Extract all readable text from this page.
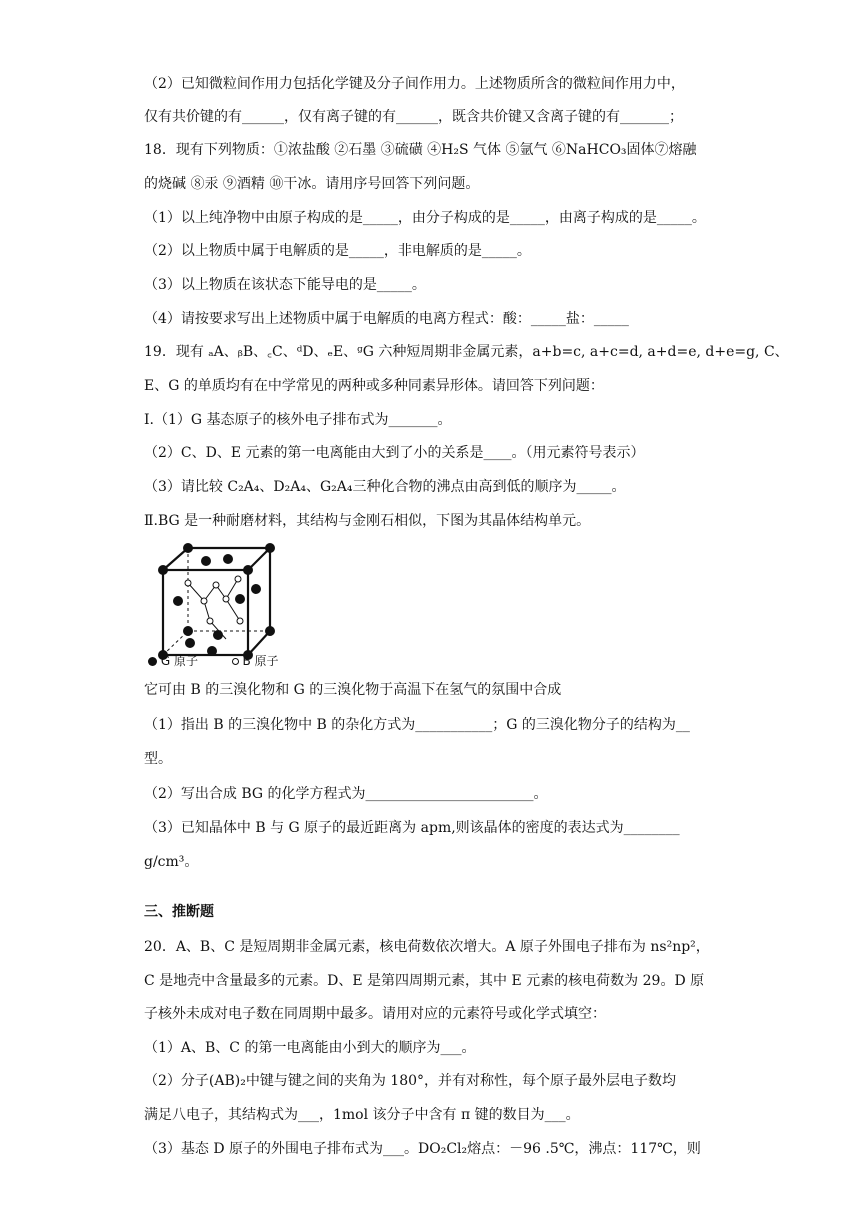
（2）已知微粒间作用力包括化学键及分子间作用力。上述物质所含的微粒间作用力中，
仅有共价键的有______，仅有离子键的有______，既含共价键又含离子键的有_______；
18．现有下列物质：①浓盐酸 ②石墨 ③硫磺 ④H₂S 气体 ⑤氩气 ⑥NaHCO₃固体⑦熔融
的烧碱 ⑧汞 ⑨酒精 ⑩干冰。请用序号回答下列问题。
（1）以上纯净物中由原子构成的是_____，由分子构成的是_____，由离子构成的是_____。
（2）以上物质中属于电解质的是_____，非电解质的是_____。
（3）以上物质在该状态下能导电的是_____。
（4）请按要求写出上述物质中属于电解质的电离方程式：酸：_____盐：_____
19．现有 ₐA、ᵦB、꜀C、ᵈD、ₑE、ᵍG 六种短周期非金属元素，a+b=c, a+c=d, a+d=e, d+e=g, C、
E、G 的单质均有在中学常见的两种或多种同素异形体。请回答下列问题：
I.（1）G 基态原子的核外电子排布式为_______。
（2）C、D、E 元素的第一电离能由大到了小的关系是____。（用元素符号表示）
（3）请比较 C₂A₄、D₂A₄、G₂A₄三种化合物的沸点由高到低的顺序为_____。
Ⅱ.BG 是一种耐磨材料，其结构与金刚石相似，下图为其晶体结构单元。
G 原子	B 原子
它可由 B 的三溴化物和 G 的三溴化物于高温下在氢气的氛围中合成
（1）指出 B 的三溴化物中 B 的杂化方式为___________；G 的三溴化物分子的结构为__
型。
（2）写出合成 BG 的化学方程式为________________________。
（3）已知晶体中 B 与 G 原子的最近距离为 apm,则该晶体的密度的表达式为________
g/cm³。
三、推断题
20．A、B、C 是短周期非金属元素，核电荷数依次增大。A 原子外围电子排布为 ns²np²，
C 是地壳中含量最多的元素。D、E 是第四周期元素，其中 E 元素的核电荷数为 29。D 原
子核外未成对电子数在同周期中最多。请用对应的元素符号或化学式填空：
（1）A、B、C 的第一电离能由小到大的顺序为___。
（2）分子(AB)₂中键与键之间的夹角为 180°，并有对称性，每个原子最外层电子数均
满足八电子，其结构式为___，1mol 该分子中含有 π 键的数目为___。
（3）基态 D 原子的外围电子排布式为___。DO₂Cl₂熔点：－96 .5℃，沸点：117℃，则
